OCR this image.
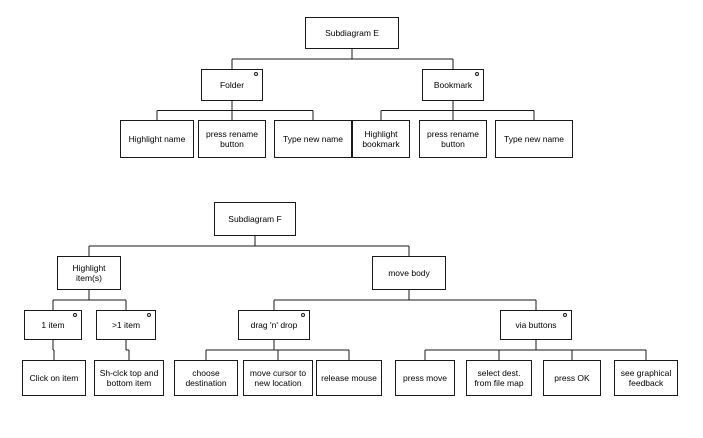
Subdiagram E
Folder	Bookmark
Highlight name press rename
button	Type new name	Highlight
bookmark
press rename
button	Type new name
Subdiagram F
Highlight
item(s)	move body
1 item	>1 item	drag 'n' drop	via buttons
Click on item	Sh-clck top and
bottom item
choose
destination
move cursor to
new location	release mouse	press move	select dest.
from file map	press OK	see graphical
feedback
